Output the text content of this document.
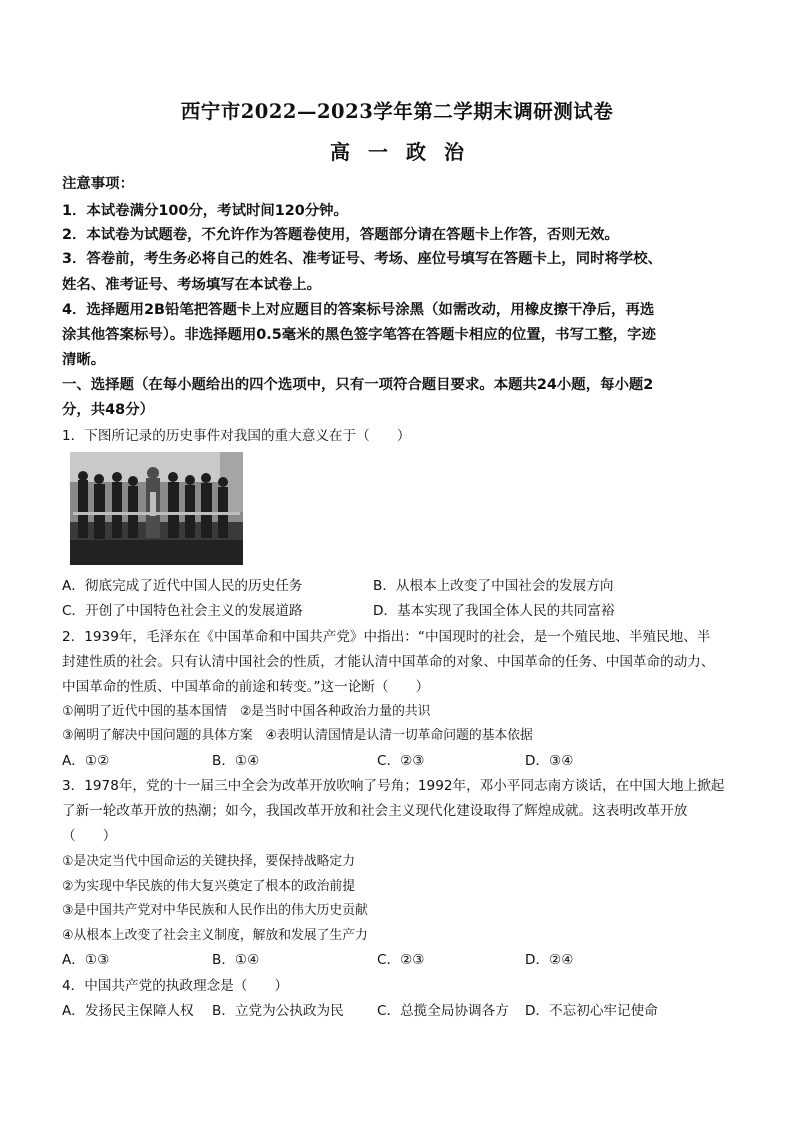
西宁市2022—2023学年第二学期末调研测试卷
高一政治
注意事项：
1．本试卷满分100分，考试时间120分钟。
2．本试卷为试题卷，不允许作为答题卷使用，答题部分请在答题卡上作答，否则无效。
3．答卷前，考生务必将自己的姓名、准考证号、考场、座位号填写在答题卡上，同时将学校、
姓名、准考证号、考场填写在本试卷上。
4．选择题用2B铅笔把答题卡上对应题目的答案标号涂黑（如需改动，用橡皮擦干净后，再选
涂其他答案标号）。非选择题用0.5毫米的黑色签字笔答在答题卡相应的位置，书写工整，字迹
清晰。
一、选择题（在每小题给出的四个选项中，只有一项符合题目要求。本题共24小题，每小题2
分，共48分）
1．下图所记录的历史事件对我国的重大意义在于（　　）
A．彻底完成了近代中国人民的历史任务	B．从根本上改变了中国社会的发展方向
C．开创了中国特色社会主义的发展道路	D．基本实现了我国全体人民的共同富裕
2．1939年，毛泽东在《中国革命和中国共产党》中指出：“中国现时的社会，是一个殖民地、半殖民地、半
封建性质的社会。只有认清中国社会的性质，才能认清中国革命的对象、中国革命的任务、中国革命的动力、
中国革命的性质、中国革命的前途和转变。”这一论断（　　）
①阐明了近代中国的基本国情　②是当时中国各种政治力量的共识
③阐明了解决中国问题的具体方案　④表明认清国情是认清一切革命问题的基本依据
A．①②	B．①④	C．②③	D．③④
3．1978年，党的十一届三中全会为改革开放吹响了号角；1992年，邓小平同志南方谈话，在中国大地上掀起
了新一轮改革开放的热潮；如今，我国改革开放和社会主义现代化建设取得了辉煌成就。这表明改革开放
（　　）
①是决定当代中国命运的关键抉择，要保持战略定力
②为实现中华民族的伟大复兴奠定了根本的政治前提
③是中国共产党对中华民族和人民作出的伟大历史贡献
④从根本上改变了社会主义制度，解放和发展了生产力
A．①③	B．①④	C．②③	D．②④
4．中国共产党的执政理念是（　　）
A．发扬民主保障人权 B．立党为公执政为民 C．总揽全局协调各方 D．不忘初心牢记使命
